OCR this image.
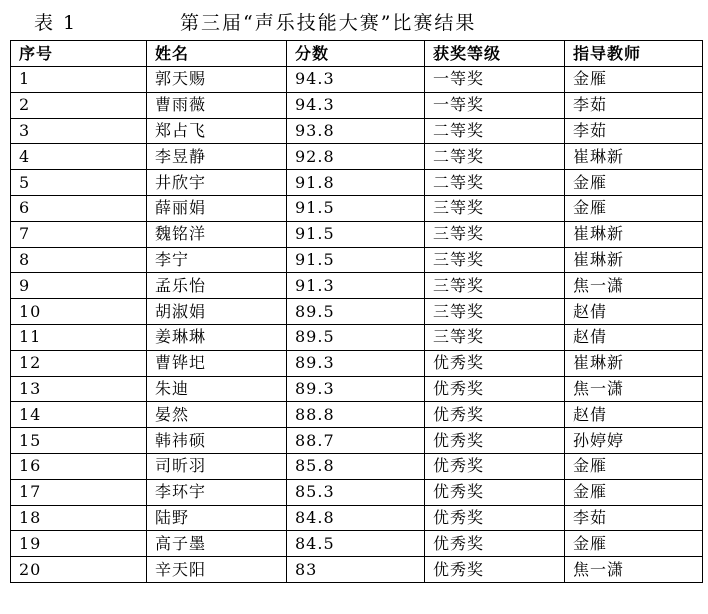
表 1	第三届“声乐技能大赛”比赛结果
序号	姓名	分数	获奖等级	指导教师
1	郭天赐	94.3	一等奖	金雁
2	曹雨薇	94.3	一等奖	李茹
3	郑占飞	93.8	二等奖	李茹
4	李昱静	92.8	二等奖	崔琳新
5	井欣宇	91.8	二等奖	金雁
6	薛丽娟	91.5	三等奖	金雁
7	魏铭洋	91.5	三等奖	崔琳新
8	李宁	91.5	三等奖	崔琳新
9	孟乐怡	91.3	三等奖	焦一潇
10	胡淑娟	89.5	三等奖	赵倩
11	姜琳琳	89.5	三等奖	赵倩
12	曹铧圯	89.3	优秀奖	崔琳新
13	朱迪	89.3	优秀奖	焦一潇
14	晏然	88.8	优秀奖	赵倩
15	韩祎硕	88.7	优秀奖	孙婷婷
16	司昕羽	85.8	优秀奖	金雁
17	李环宇	85.3	优秀奖	金雁
18	陆野	84.8	优秀奖	李茹
19	高子墨	84.5	优秀奖	金雁
20	辛天阳	83	优秀奖	焦一潇
